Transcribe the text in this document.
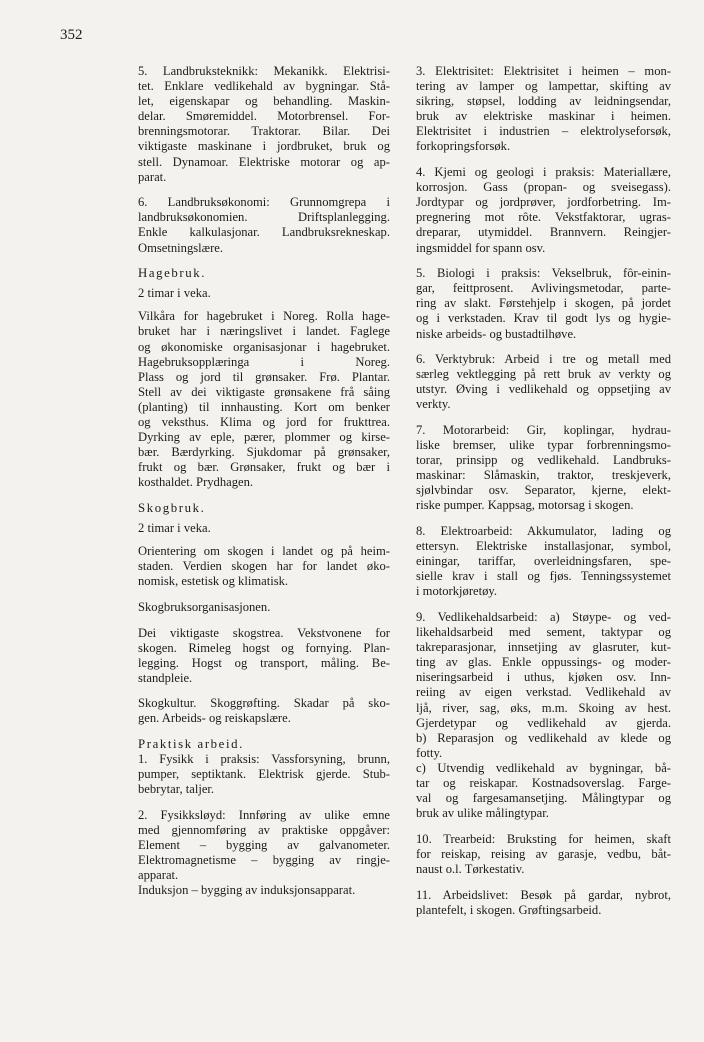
352
5. Landbruksteknikk: Mekanikk. Elektrisi-
tet. Enklare vedlikehald av bygningar. Stå-
let, eigenskapar og behandling. Maskin-
delar. Smøremiddel. Motorbrensel. For-
brenningsmotorar. Traktorar. Bilar. Dei
viktigaste maskinane i jordbruket, bruk og
stell. Dynamoar. Elektriske motorar og ap-
parat.
6. Landbruksøkonomi: Grunnomgrepa i
landbruksøkonomien. Driftsplanlegging.
Enkle kalkulasjonar. Landbruksrekneskap.
Omsetningslære.
Hagebruk.
2 timar i veka.
Vilkåra for hagebruket i Noreg. Rolla hage-
bruket har i næringslivet i landet. Faglege
og økonomiske organisasjonar i hagebruket.
Hagebruksopplæringa i Noreg.
Plass og jord til grønsaker. Frø. Plantar.
Stell av dei viktigaste grønsakene frå såing
(planting) til innhausting. Kort om benker
og veksthus. Klima og jord for frukttrea.
Dyrking av eple, pærer, plommer og kirse-
bær. Bærdyrking. Sjukdomar på grønsaker,
frukt og bær. Grønsaker, frukt og bær i
kosthaldet. Prydhagen.
Skogbruk.
2 timar i veka.
Orientering om skogen i landet og på heim-
staden. Verdien skogen har for landet øko-
nomisk, estetisk og klimatisk.
Skogbruksorganisasjonen.
Dei viktigaste skogstrea. Vekstvonene for
skogen. Rimeleg hogst og fornying. Plan-
legging. Hogst og transport, måling. Be-
standpleie.
Skogkultur. Skoggrøfting. Skadar på sko-
gen. Arbeids- og reiskapslære.
Praktisk arbeid.
1. Fysikk i praksis: Vassforsyning, brunn,
pumper, septiktank. Elektrisk gjerde. Stub-
bebrytar, taljer.
2. Fysikksløyd: Innføring av ulike emne
med gjennomføring av praktiske oppgåver:
Element – bygging av galvanometer.
Elektromagnetisme – bygging av ringje-
apparat.
Induksjon – bygging av induksjonsapparat.
3. Elektrisitet: Elektrisitet i heimen – mon-
tering av lamper og lampettar, skifting av
sikring, støpsel, lodding av leidningsendar,
bruk av elektriske maskinar i heimen.
Elektrisitet i industrien – elektrolyseforsøk,
forkopringsforsøk.
4. Kjemi og geologi i praksis: Materiallære,
korrosjon. Gass (propan- og sveisegass).
Jordtypar og jordprøver, jordforbetring. Im-
pregnering mot rôte. Vekstfaktorar, ugras-
dreparar, utymiddel. Brannvern. Reingjer-
ingsmiddel for spann osv.
5. Biologi i praksis: Vekselbruk, fôr-einin-
gar, feittprosent. Avlivingsmetodar, parte-
ring av slakt. Førstehjelp i skogen, på jordet
og i verkstaden. Krav til godt lys og hygie-
niske arbeids- og bustadtilhøve.
6. Verktybruk: Arbeid i tre og metall med
særleg vektlegging på rett bruk av verkty og
utstyr. Øving i vedlikehald og oppsetjing av
verkty.
7. Motorarbeid: Gir, koplingar, hydrau-
liske bremser, ulike typar forbrenningsmo-
torar, prinsipp og vedlikehald. Landbruks-
maskinar: Slåmaskin, traktor, treskjeverk,
sjølvbindar osv. Separator, kjerne, elekt-
riske pumper. Kappsag, motorsag i skogen.
8. Elektroarbeid: Akkumulator, lading og
ettersyn. Elektriske installasjonar, symbol,
einingar, tariffar, overleidningsfaren, spe-
sielle krav i stall og fjøs. Tenningssystemet
i motorkjøretøy.
9. Vedlikehaldsarbeid: a) Støype- og ved-
likehaldsarbeid med sement, taktypar og
takreparasjonar, innsetjing av glasruter, kut-
ting av glas. Enkle oppussings- og moder-
niseringsarbeid i uthus, kjøken osv. Inn-
reiing av eigen verkstad. Vedlikehald av
ljå, river, sag, øks, m.m. Skoing av hest.
Gjerdetypar og vedlikehald av gjerda.
b) Reparasjon og vedlikehald av klede og
fotty.
c) Utvendig vedlikehald av bygningar, bå-
tar og reiskapar. Kostnadsoverslag. Farge-
val og fargesamansetjing. Målingtypar og
bruk av ulike målingtypar.
10. Trearbeid: Bruksting for heimen, skaft
for reiskap, reising av garasje, vedbu, båt-
naust o.l. Tørkestativ.
11. Arbeidslivet: Besøk på gardar, nybrot,
plantefelt, i skogen. Grøftingsarbeid.
